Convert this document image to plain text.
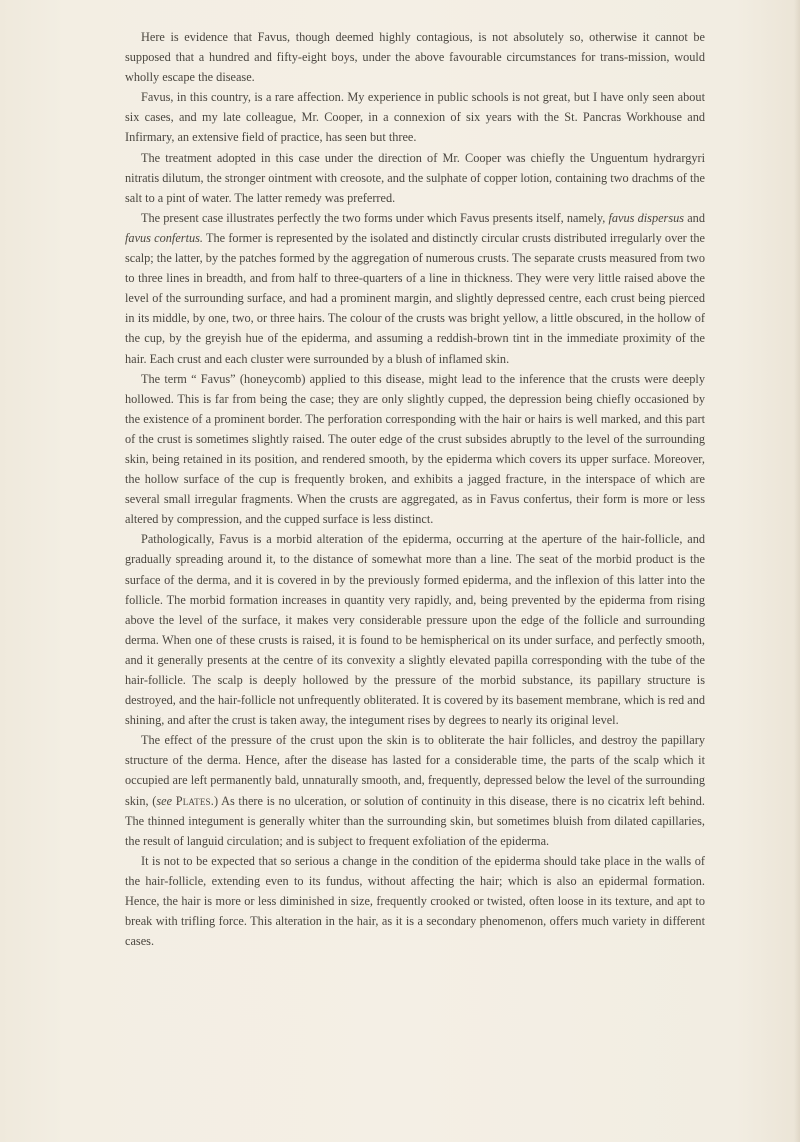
Here is evidence that Favus, though deemed highly contagious, is not absolutely so, otherwise it cannot be supposed that a hundred and fifty-eight boys, under the above favourable circumstances for trans-mission, would wholly escape the disease.

Favus, in this country, is a rare affection. My experience in public schools is not great, but I have only seen about six cases, and my late colleague, Mr. Cooper, in a connexion of six years with the St. Pancras Workhouse and Infirmary, an extensive field of practice, has seen but three.

The treatment adopted in this case under the direction of Mr. Cooper was chiefly the Unguentum hydrargyri nitratis dilutum, the stronger ointment with creosote, and the sulphate of copper lotion, containing two drachms of the salt to a pint of water. The latter remedy was preferred.

The present case illustrates perfectly the two forms under which Favus presents itself, namely, favus dispersus and favus confertus. The former is represented by the isolated and distinctly circular crusts distributed irregularly over the scalp; the latter, by the patches formed by the aggregation of numerous crusts. The separate crusts measured from two to three lines in breadth, and from half to three-quarters of a line in thickness. They were very little raised above the level of the surrounding surface, and had a prominent margin, and slightly depressed centre, each crust being pierced in its middle, by one, two, or three hairs. The colour of the crusts was bright yellow, a little obscured, in the hollow of the cup, by the greyish hue of the epiderma, and assuming a reddish-brown tint in the immediate proximity of the hair. Each crust and each cluster were surrounded by a blush of inflamed skin.

The term “ Favus” (honeycomb) applied to this disease, might lead to the inference that the crusts were deeply hollowed. This is far from being the case; they are only slightly cupped, the depression being chiefly occasioned by the existence of a prominent border. The perforation corresponding with the hair or hairs is well marked, and this part of the crust is sometimes slightly raised. The outer edge of the crust subsides abruptly to the level of the surrounding skin, being retained in its position, and rendered smooth, by the epiderma which covers its upper surface. Moreover, the hollow surface of the cup is frequently broken, and exhibits a jagged fracture, in the interspace of which are several small irregular fragments. When the crusts are aggregated, as in Favus confertus, their form is more or less altered by compression, and the cupped surface is less distinct.

Pathologically, Favus is a morbid alteration of the epiderma, occurring at the aperture of the hair-follicle, and gradually spreading around it, to the distance of somewhat more than a line. The seat of the morbid product is the surface of the derma, and it is covered in by the previously formed epiderma, and the inflexion of this latter into the follicle. The morbid formation increases in quantity very rapidly, and, being prevented by the epiderma from rising above the level of the surface, it makes very considerable pressure upon the edge of the follicle and surrounding derma. When one of these crusts is raised, it is found to be hemispherical on its under surface, and perfectly smooth, and it generally presents at the centre of its convexity a slightly elevated papilla corresponding with the tube of the hair-follicle. The scalp is deeply hollowed by the pressure of the morbid substance, its papillary structure is destroyed, and the hair-follicle not unfrequently obliterated. It is covered by its basement membrane, which is red and shining, and after the crust is taken away, the integument rises by degrees to nearly its original level.

The effect of the pressure of the crust upon the skin is to obliterate the hair follicles, and destroy the papillary structure of the derma. Hence, after the disease has lasted for a considerable time, the parts of the scalp which it occupied are left permanently bald, unnaturally smooth, and, frequently, depressed below the level of the surrounding skin, (see Plates.) As there is no ulceration, or solution of continuity in this disease, there is no cicatrix left behind. The thinned integument is generally whiter than the surrounding skin, but sometimes bluish from dilated capillaries, the result of languid circulation; and is subject to frequent exfoliation of the epiderma.

It is not to be expected that so serious a change in the condition of the epiderma should take place in the walls of the hair-follicle, extending even to its fundus, without affecting the hair; which is also an epidermal formation. Hence, the hair is more or less diminished in size, frequently crooked or twisted, often loose in its texture, and apt to break with trifling force. This alteration in the hair, as it is a secondary phenomenon, offers much variety in different cases.
